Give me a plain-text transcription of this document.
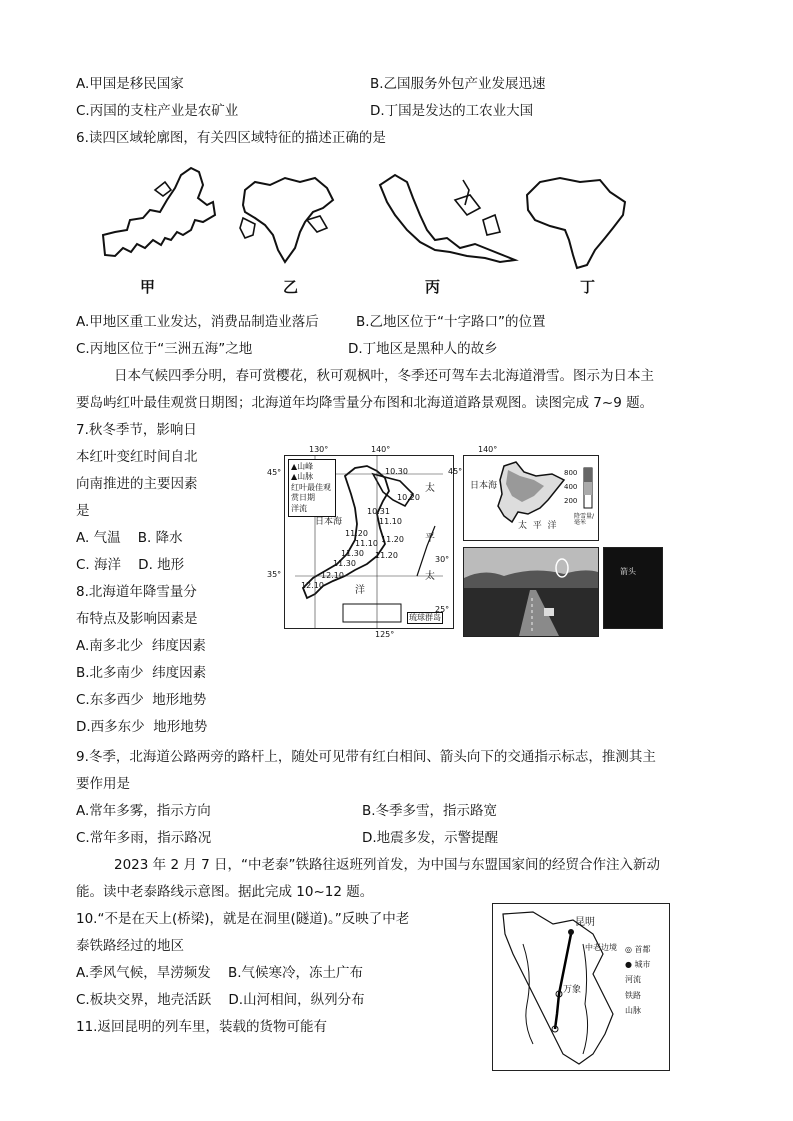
A.甲国是移民国家	B.乙国服务外包产业发展迅速
C.丙国的支柱产业是农矿业	D.丁国是发达的工农业大国
6.读四区域轮廓图，有关四区域特征的描述正确的是
甲	乙	丙	丁
A.甲地区重工业发达，消费品制造业落后	B.乙地区位于“十字路口”的位置
C.丙地区位于“三洲五海”之地	D.丁地区是黑种人的故乡
日本气候四季分明，春可赏樱花，秋可观枫叶，冬季还可驾车去北海道滑雪。图示为日本主
要岛屿红叶最佳观赏日期图；北海道年均降雪量分布图和北海道道路景观图。读图完成 7~9 题。
7.秋冬季节，影响日
本红叶变红时间自北
向南推进的主要因素
是
A. 气温    B. 降水
C. 海洋    D. 地形
8.北海道年降雪量分
布特点及影响因素是
A.南多北少  纬度因素
B.北多南少  纬度因素
C.东多西少  地形地势
D.西多东少  地形地势
▲山峰
▲山脉
红叶最佳观赏日期
洋流
45°
35°
130°	140°
125°
日本海
10.20
10.31
11.10
11.20
11.10 11.20
11.30
12.10
11.20
12.10
10.30
11.30
太
平
洋
太
30°
25°
琉球群岛
45°
140°
日本海
太  平  洋
800
400
200
降雪量/毫米
箭头
9.冬季，北海道公路两旁的路杆上，随处可见带有红白相间、箭头向下的交通指示标志，推测其主
要作用是
A.常年多雾，指示方向	B.冬季多雪，指示路宽
C.常年多雨，指示路况	D.地震多发，示警提醒
2023 年 2 月 7 日，“中老泰”铁路往返班列首发，为中国与东盟国家间的经贸合作注入新动
能。读中老泰路线示意图。据此完成 10~12 题。
10.“不是在天上(桥梁)，就是在洞里(隧道)。”反映了中老
泰铁路经过的地区
A.季风气候，旱涝频发    B.气候寒冷，冻土广布
C.板块交界，地壳活跃    D.山河相间，纵列分布
11.返回昆明的列车里，装载的货物可能有
昆明
中老边境
万象
◎ 首都
● 城市
河流
铁路
山脉
